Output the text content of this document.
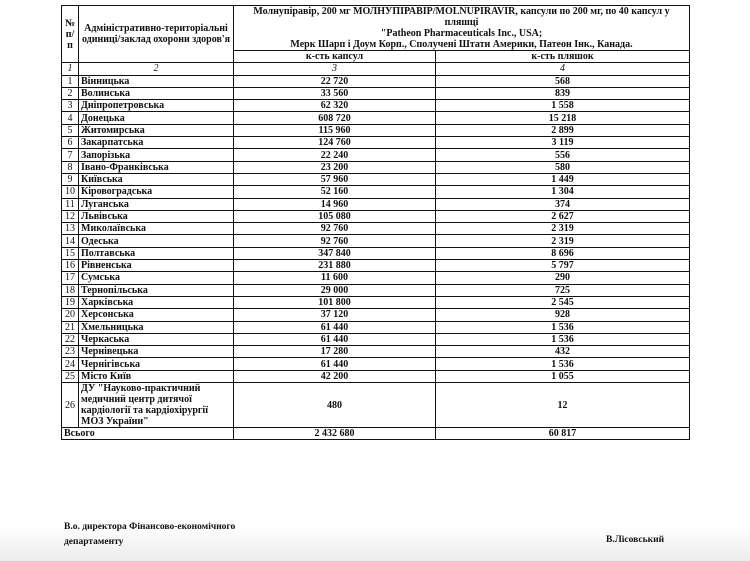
№ п/п	Адміністративно-територіальні одиниці/заклад охорони здоров'я	Молнупіравір, 200 мг МОЛНУПІРАВІР/MOLNUPIRAVIR, капсули по 200 мг, по 40 капсул у пляшці
"Patheon Pharmaceuticals Inc., USA;
Мерк Шарп і Доум Корп., Сполучені Штати Америки, Патеон Інк., Канада.	

		к-сть капсул	к-сть пляшок
1	2	3	4
1	Вінницька	22 720	568
2	Волинська	33 560	839
3	Дніпропетровська	62 320	1 558
4	Донецька	608 720	15 218
5	Житомирська	115 960	2 899
6	Закарпатська	124 760	3 119
7	Запорізька	22 240	556
8	Івано-Франківська	23 200	580
9	Київська	57 960	1 449
10	Кіровоградська	52 160	1 304
11	Луганська	14 960	374
12	Львівська	105 080	2 627
13	Миколаївська	92 760	2 319
14	Одеська	92 760	2 319
15	Полтавська	347 840	8 696
16	Рівненська	231 880	5 797
17	Сумська	11 600	290
18	Тернопільська	29 000	725
19	Харківська	101 800	2 545
20	Херсонська	37 120	928
21	Хмельницька	61 440	1 536
22	Черкаська	61 440	1 536
23	Чернівецька	17 280	432
24	Чернігівська	61 440	1 536
25	Місто Київ	42 200	1 055
26	ДУ "Науково-практичний медичний центр дитячої кардіології та кардіохірургії МОЗ України"	480	12
Всього		2 432 680	60 817
В.о. директора Фінансово-економічного
департаменту	В.Лісовський
